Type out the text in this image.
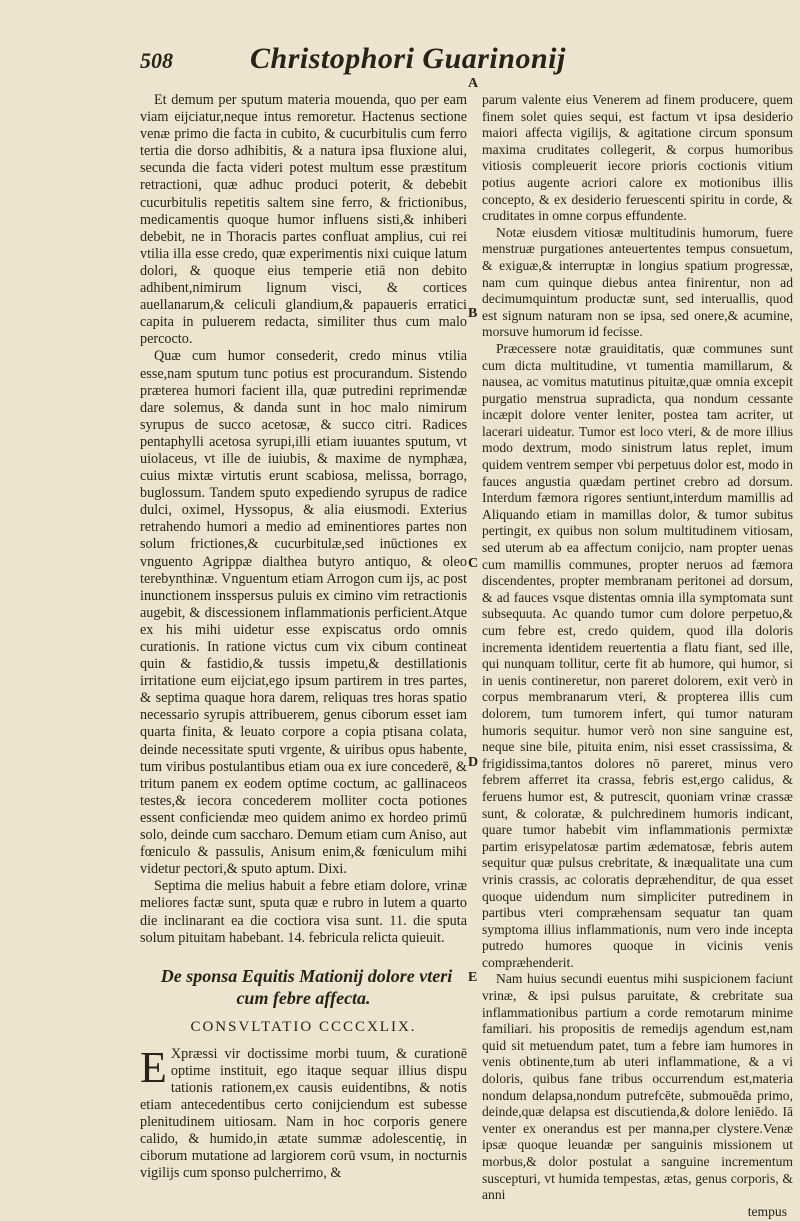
508	Christophori Guarinonij
A
B
C
D
E

Et demum per sputum materia mouenda, quo per eam viam eijciatur,neque intus remoretur. Hactenus sectione venæ primo die facta in cubito, & cucurbitulis cum ferro tertia die dorso adhibitis, & a natura ipsa fluxione alui, secunda die facta videri potest multum esse præstitum retractioni, quæ adhuc produci poterit, & debebit cucurbitulis repetitis saltem sine ferro, & frictionibus, medicamentis quoque humor influens sisti,& inhiberi debebit, ne in Thoracis partes confluat amplius, cui rei vtilia illa esse credo, quæ experimentis nixi cuique latum dolori, & quoque eius temperie etiā non debito adhibent,nimirum lignum visci, & cortices auellanarum,& celiculi glandium,& papaueris erratici capita in puluerem redacta, similiter thus cum malo percocto.

Quæ cum humor consederit, credo minus vtilia esse,nam sputum tunc potius est procurandum. Sistendo præterea humori facient illa, quæ putredini reprimendæ dare solemus, & danda sunt in hoc malo nimirum syrupus de succo acetosæ, & succo citri. Radices pentaphylli acetosa syrupi,illi etiam iuuantes sputum, vt uiolaceus, vt ille de iuiubis, & maxime de nymphæa, cuius mixtæ virtutis erunt scabiosa, melissa, borrago, buglossum. Tandem sputo expediendo syrupus de radice dulci, oximel, Hyssopus, & alia eiusmodi. Exterius retrahendo humori a medio ad eminentiores partes non solum frictiones,& cucurbitulæ,sed inūctiones ex vnguento Agrippæ dialthea butyro antiquo, & oleo terebynthinæ. Vnguentum etiam Arrogon cum ijs, ac post inunctionem insspersus puluis ex cimino vim retractionis augebit, & discessionem inflammationis perficient.Atque ex his mihi uidetur esse expiscatus ordo omnis curationis. In ratione victus cum vix cibum contineat quin & fastidio,& tussis impetu,& destillationis irritatione eum eijciat,ego ipsum partirem in tres partes, & septima quaque hora darem, reliquas tres horas spatio necessario syrupis attribuerem, genus ciborum esset iam quarta finita, & leuato corpore a copia ptisana colata, deinde necessitate sputi vrgente, & uiribus opus habente, tum viribus postulantibus etiam oua ex iure concederē, & tritum panem ex eodem optime coctum, ac gallinaceos testes,& iecora concederem molliter cocta potiones essent conficiendæ meo quidem animo ex hordeo primū solo, deinde cum saccharo. Demum etiam cum Aniso, aut fœniculo & passulis, Anisum enim,& fœniculum mihi videtur pectori,& sputo aptum. Dixi.

Septima die melius habuit a febre etiam dolore, vrinæ meliores factæ sunt, sputa quæ e rubro in lutem a quarto die inclinarant ea die coctiora visa sunt. 11. die sputa solum pituitam habebant. 14. febricula relicta quieuit.

De sponsa Equitis Mationij dolore vteri
cum febre affecta.
CONSVLTATIO CCCCXLIX.

E Xpræssi vir doctissime morbi tuum, & curationē optime instituit, ego itaque sequar illius dispu tationis rationem,ex causis euidentibns, & notis etiam antecedentibus certo conijciendum est subesse plenitudinem uitiosam. Nam in hoc corporis genere calido, & humido,in ætate summæ adolescentię, in ciborum mutatione ad largiorem corū vsum, in nocturnis vigilijs cum sponso pulcherrimo, &

parum valente eius Venerem ad finem producere, quem finem solet quies sequi, est factum vt ipsa desiderio maiori affecta vigilijs, & agitatione circum sponsum maxima cruditates collegerit, & corpus humoribus vitiosis compleuerit iecore prioris coctionis vitium potius augente acriori calore ex motionibus illis concepto, & ex desiderio feruescenti spiritu in corde, & cruditates in omne corpus effundente.

Notæ eiusdem vitiosæ multitudinis humorum, fuere menstruæ purgationes anteuertentes tempus consuetum, & exiguæ,& interruptæ in longius spatium progressæ, nam cum quinque diebus antea finirentur, non ad decimumquintum productæ sunt, sed interuallis, quod est signum naturam non se ipsa, sed onere,& acumine, morsuve humorum id fecisse.

Præcessere notæ grauiditatis, quæ communes sunt cum dicta multitudine, vt tumentia mamillarum, & nausea, ac vomitus matutinus pituitæ,quæ omnia excepit purgatio menstrua supradicta, qua nondum cessante incæpit dolore venter leniter, postea tam acriter, ut lacerari uideatur. Tumor est loco vteri, & de more illius modo dextrum, modo sinistrum latus replet, imum quidem ventrem semper vbi perpetuus dolor est, modo in fauces angustia quædam pertinet crebro ad dorsum. Interdum fæmora rigores sentiunt,interdum mamillis ad Aliquando etiam in mamillas dolor, & tumor subitus pertingit, ex quibus non solum multitudinem vitiosam, sed uterum ab ea affectum conijcio, nam propter uenas cum mamillis communes, propter neruos ad fæmora discendentes, propter membranam peritonei ad dorsum, & ad fauces vsque distentas omnia illa symptomata sunt subsequuta. Ac quando tumor cum dolore perpetuo,& cum febre est, credo quidem, quod illa doloris incrementa identidem reuertentia a flatu fiant, sed ille, qui nunquam tollitur, certe fit ab humore, qui humor, si in uenis contineretur, non pareret dolorem, exit verò in corpus membranarum vteri, & propterea illis cum dolorem, tum tumorem infert, qui tumor naturam humoris sequitur. humor verò non sine sanguine est, neque sine bile, pituita enim, nisi esset crassissima, & frigidissima,tantos dolores nō pareret, minus vero febrem afferret ita crassa, febris est,ergo calidus, & feruens humor est, & putrescit, quoniam vrinæ crassæ sunt, & coloratæ, & pulchredinem humoris indicant, quare tumor habebit vim inflammationis permixtæ partim erisypelatosæ partim ædematosæ, febris autem sequitur quæ pulsus crebritate, & inæqualitate una cum vrinis crassis, ac coloratis depræhenditur, de qua esset quoque uidendum num simpliciter putredinem in partibus vteri compræhensam sequatur tan quam symptoma illius inflammationis, num vero inde incepta putredo humores quoque in vicinis venis compræhenderit.

Nam huius secundi euentus mihi suspicionem faciunt vrinæ, & ipsi pulsus paruitate, & crebritate sua inflammationibus partium a corde remotarum minime familiari. his propositis de remedijs agendum est,nam quid sit metuendum patet, tum a febre iam humores in venis obtinente,tum ab uteri inflammatione, & a vi doloris, quibus fane tribus occurrendum est,materia nondum delapsa,nondum putrefcēte, submouēda primo, deinde,quæ delapsa est discutienda,& dolore leniēdo. Iā venter ex onerandus est per manna,per clystere.Venæ ipsæ quoque leuandæ per sanguinis missionem ut morbus,& dolor postulat a sanguine incrementum suscepturi, vt humida tempestas, ætas, genus corporis, & anni

tempus
